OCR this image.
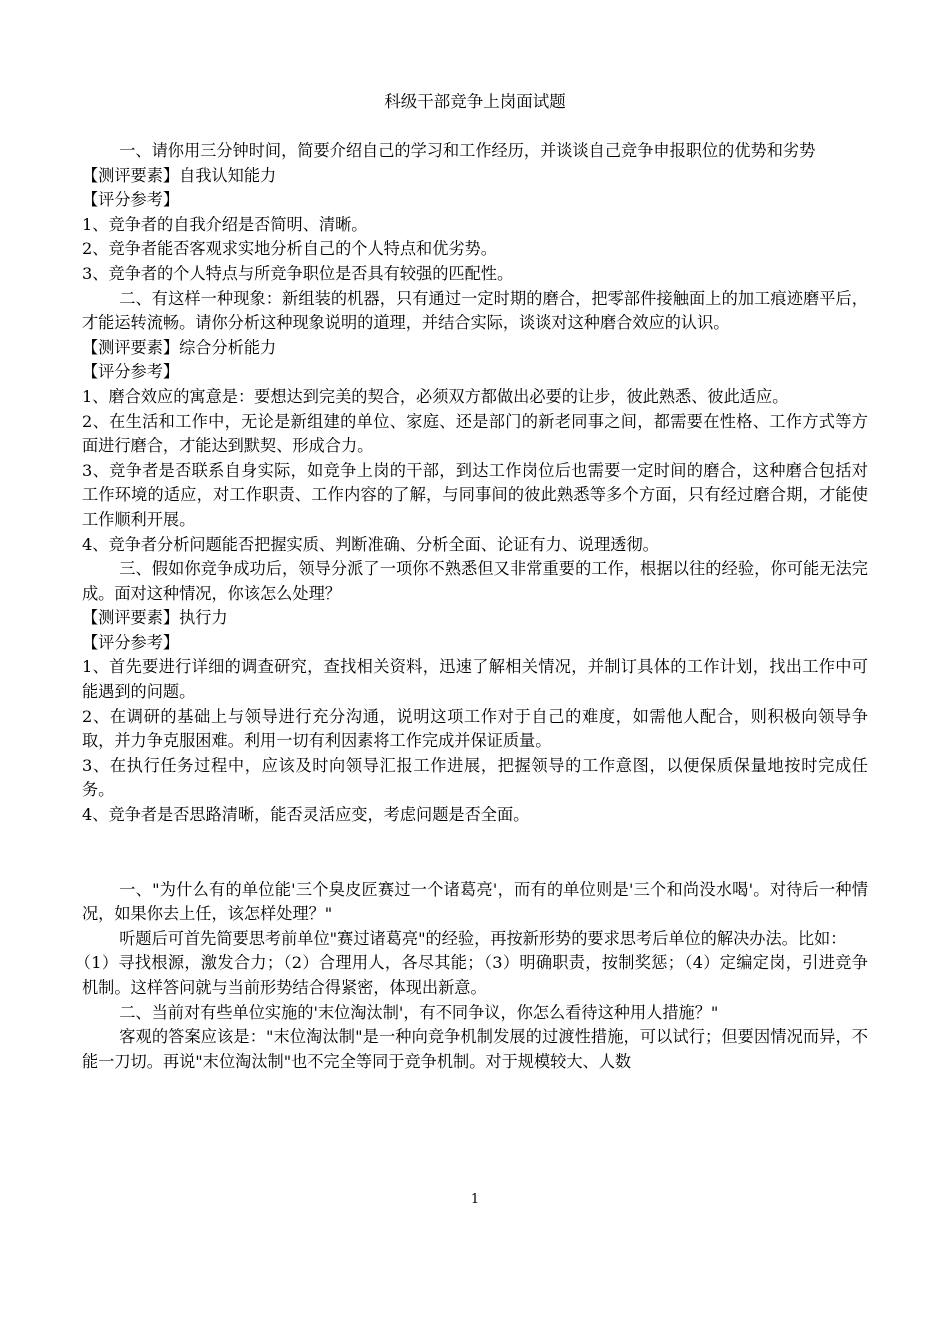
科级干部竞争上岗面试题

一、请你用三分钟时间，简要介绍自己的学习和工作经历，并谈谈自己竞争申报职位的优势和劣势

【测评要素】自我认知能力

【评分参考】

1、竞争者的自我介绍是否简明、清晰。

2、竞争者能否客观求实地分析自己的个人特点和优劣势。

3、竞争者的个人特点与所竞争职位是否具有较强的匹配性。

二、有这样一种现象：新组装的机器，只有通过一定时期的磨合，把零部件接触面上的加工痕迹磨平后，才能运转流畅。请你分析这种现象说明的道理，并结合实际，谈谈对这种磨合效应的认识。

【测评要素】综合分析能力

【评分参考】

1、磨合效应的寓意是：要想达到完美的契合，必须双方都做出必要的让步，彼此熟悉、彼此适应。

2、在生活和工作中，无论是新组建的单位、家庭、还是部门的新老同事之间，都需要在性格、工作方式等方面进行磨合，才能达到默契、形成合力。

3、竞争者是否联系自身实际，如竞争上岗的干部，到达工作岗位后也需要一定时间的磨合，这种磨合包括对工作环境的适应，对工作职责、工作内容的了解，与同事间的彼此熟悉等多个方面，只有经过磨合期，才能使工作顺利开展。

4、竞争者分析问题能否把握实质、判断准确、分析全面、论证有力、说理透彻。

三、假如你竞争成功后，领导分派了一项你不熟悉但又非常重要的工作，根据以往的经验，你可能无法完成。面对这种情况，你该怎么处理？

【测评要素】执行力

【评分参考】

1、首先要进行详细的调查研究，查找相关资料，迅速了解相关情况，并制订具体的工作计划，找出工作中可能遇到的问题。

2、在调研的基础上与领导进行充分沟通，说明这项工作对于自己的难度，如需他人配合，则积极向领导争取，并力争克服困难。利用一切有利因素将工作完成并保证质量。

3、在执行任务过程中，应该及时向领导汇报工作进展，把握领导的工作意图，以便保质保量地按时完成任务。

4、竞争者是否思路清晰，能否灵活应变，考虑问题是否全面。

一、"为什么有的单位能'三个臭皮匠赛过一个诸葛亮'，而有的单位则是'三个和尚没水喝'。对待后一种情况，如果你去上任，该怎样处理？"

听题后可首先简要思考前单位"赛过诸葛亮"的经验，再按新形势的要求思考后单位的解决办法。比如：

（1）寻找根源，激发合力；（2）合理用人，各尽其能；（3）明确职责，按制奖惩；（4）定编定岗，引进竞争机制。这样答问就与当前形势结合得紧密，体现出新意。

二、当前对有些单位实施的'末位淘汰制'，有不同争议，你怎么看待这种用人措施？"

客观的答案应该是："末位淘汰制"是一种向竞争机制发展的过渡性措施，可以试行；但要因情况而异，不能一刀切。再说"末位淘汰制"也不完全等同于竞争机制。对于规模较大、人数

1
